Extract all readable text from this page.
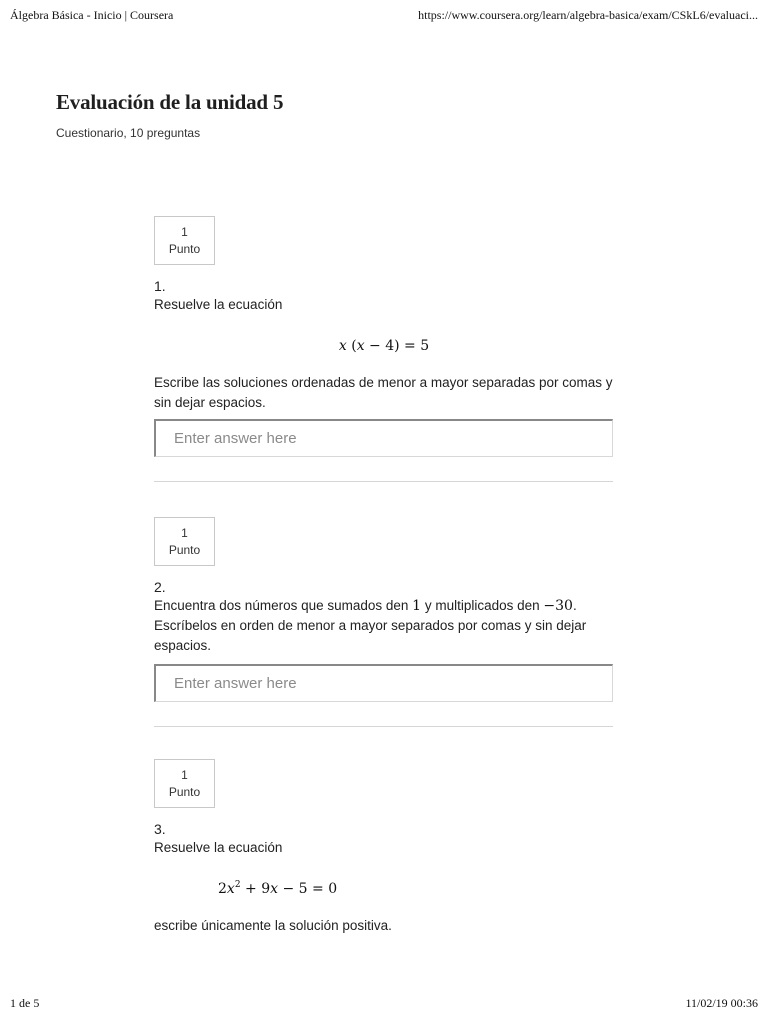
Álgebra Básica - Inicio | Coursera	https://www.coursera.org/learn/algebra-basica/exam/CSkL6/evaluaci...
Evaluación de la unidad 5
Cuestionario, 10 preguntas
1
Punto
1.
Resuelve la ecuación
x (x − 4) = 5
Escribe las soluciones ordenadas de menor a mayor separadas por comas y sin dejar espacios.
Enter answer here
1
Punto
2.
Encuentra dos números que sumados den 1 y multiplicados den −30. Escríbelos en orden de menor a mayor separados por comas y sin dejar espacios.
Enter answer here
1
Punto
3.
Resuelve la ecuación
$2x^2 + 9x - 5 = 0$
escribe únicamente la solución positiva.
1 de 5	11/02/19 00:36
